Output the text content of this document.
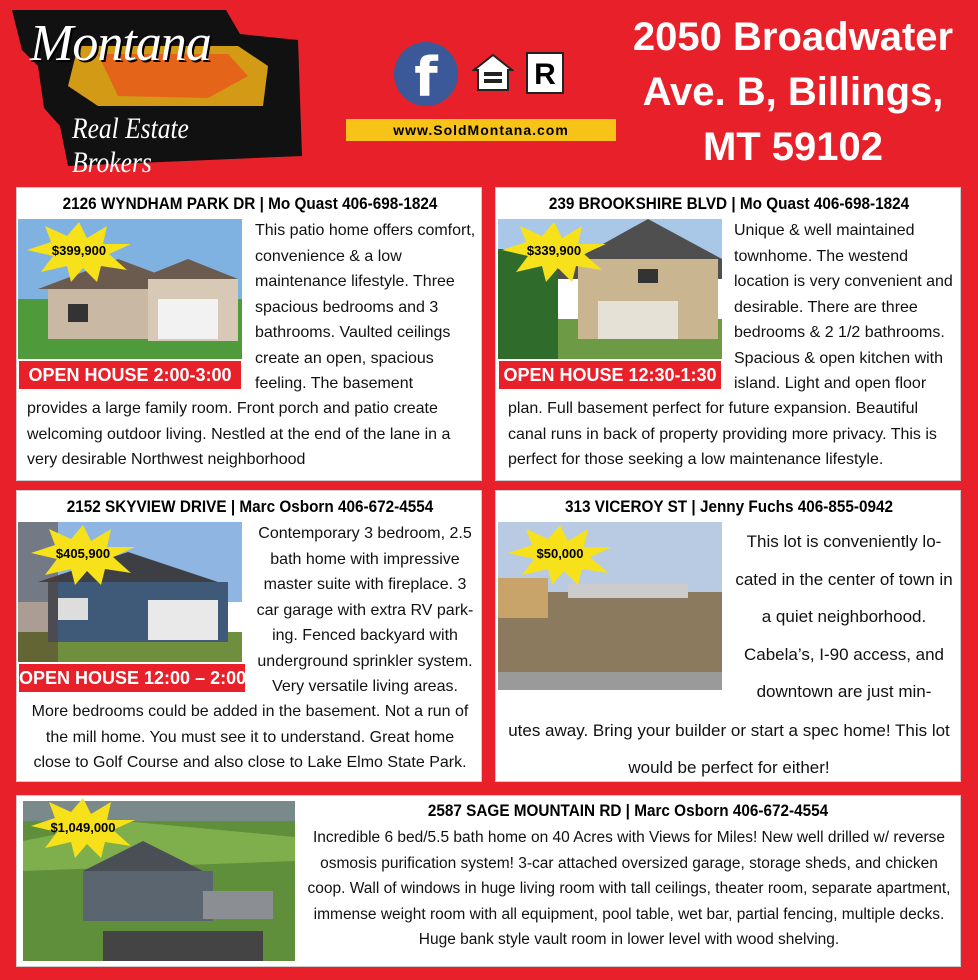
Montana
Real Estate Brokers
f	R
www.SoldMontana.com
2050 Broadwater
Ave. B, Billings,
MT 59102
2126 WYNDHAM PARK DR | Mo Quast 406-698-1824
$399,900
OPEN HOUSE 2:00-3:00
This patio home offers comfort, convenience & a low maintenance lifestyle. Three spacious bedrooms and 3 bathrooms. Vaulted ceilings create an open, spacious feeling. The basement
provides a large family room. Front porch and patio create welcoming outdoor living. Nestled at the end of the lane in a very desirable Northwest neighborhood
239 BROOKSHIRE BLVD | Mo Quast 406-698-1824
$339,900
OPEN HOUSE 12:30-1:30
Unique & well maintained townhome. The westend location is very convenient and desirable. There are three bedrooms & 2 1/2 bathrooms. Spacious & open kitchen with island. Light and open floor
plan. Full basement perfect for future expansion. Beautiful canal runs in back of property providing more privacy. This is perfect for those seeking a low maintenance lifestyle.
2152 SKYVIEW DRIVE | Marc Osborn 406-672-4554
$405,900
OPEN HOUSE 12:00 – 2:00
Contemporary 3 bedroom, 2.5 bath home with impressive master suite with fireplace. 3 car garage with extra RV park-ing. Fenced backyard with underground sprinkler system. Very versatile living areas.
More bedrooms could be added in the basement. Not a run of the mill home. You must see it to understand. Great home close to Golf Course and also close to Lake Elmo State Park.
313 VICEROY ST | Jenny Fuchs 406-855-0942
$50,000
This lot is conveniently lo-cated in the center of town in a quiet neighborhood. Cabela’s, I-90 access, and downtown are just min-
utes away. Bring your builder or start a spec home! This lot would be perfect for either!
$1,049,000
2587 SAGE MOUNTAIN RD | Marc Osborn 406-672-4554
Incredible 6 bed/5.5 bath home on 40 Acres with Views for Miles! New well drilled w/ reverse osmosis purification system! 3-car attached oversized garage, storage sheds, and chicken coop. Wall of windows in huge living room with tall ceilings, theater room, separate apartment, immense weight room with all equipment, pool table, wet bar, partial fencing, multiple decks. Huge bank style vault room in lower level with wood shelving.
